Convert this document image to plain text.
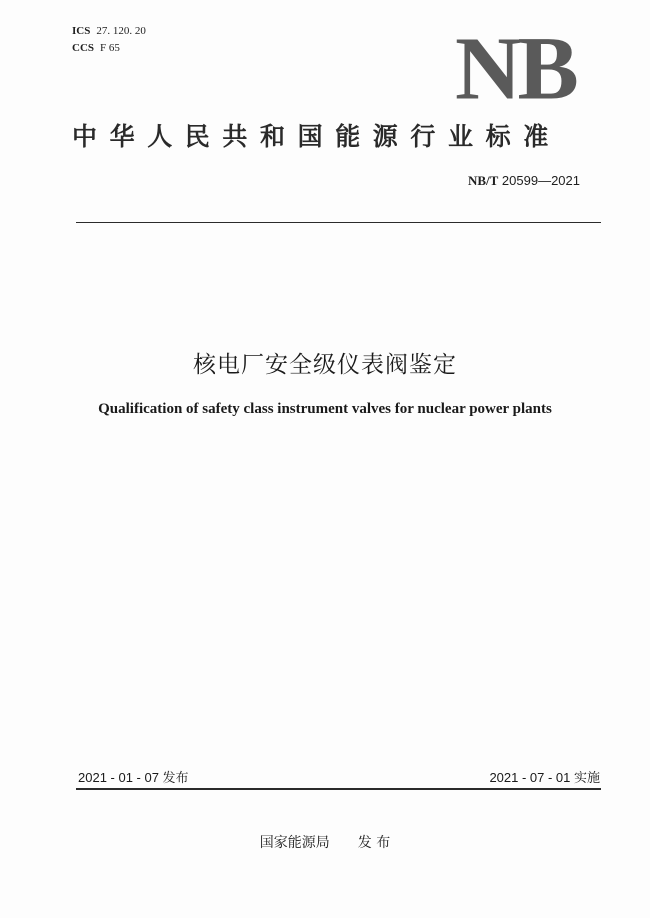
ICS 27. 120. 20
CCS F 65	NB
中华人民共和国能源行业标准
NB/T 20599—2021
核电厂安全级仪表阀鉴定
Qualification of safety class instrument valves for nuclear power plants
2021 - 01 - 07 发布	2021 - 07 - 01 实施
国家能源局 发 布
